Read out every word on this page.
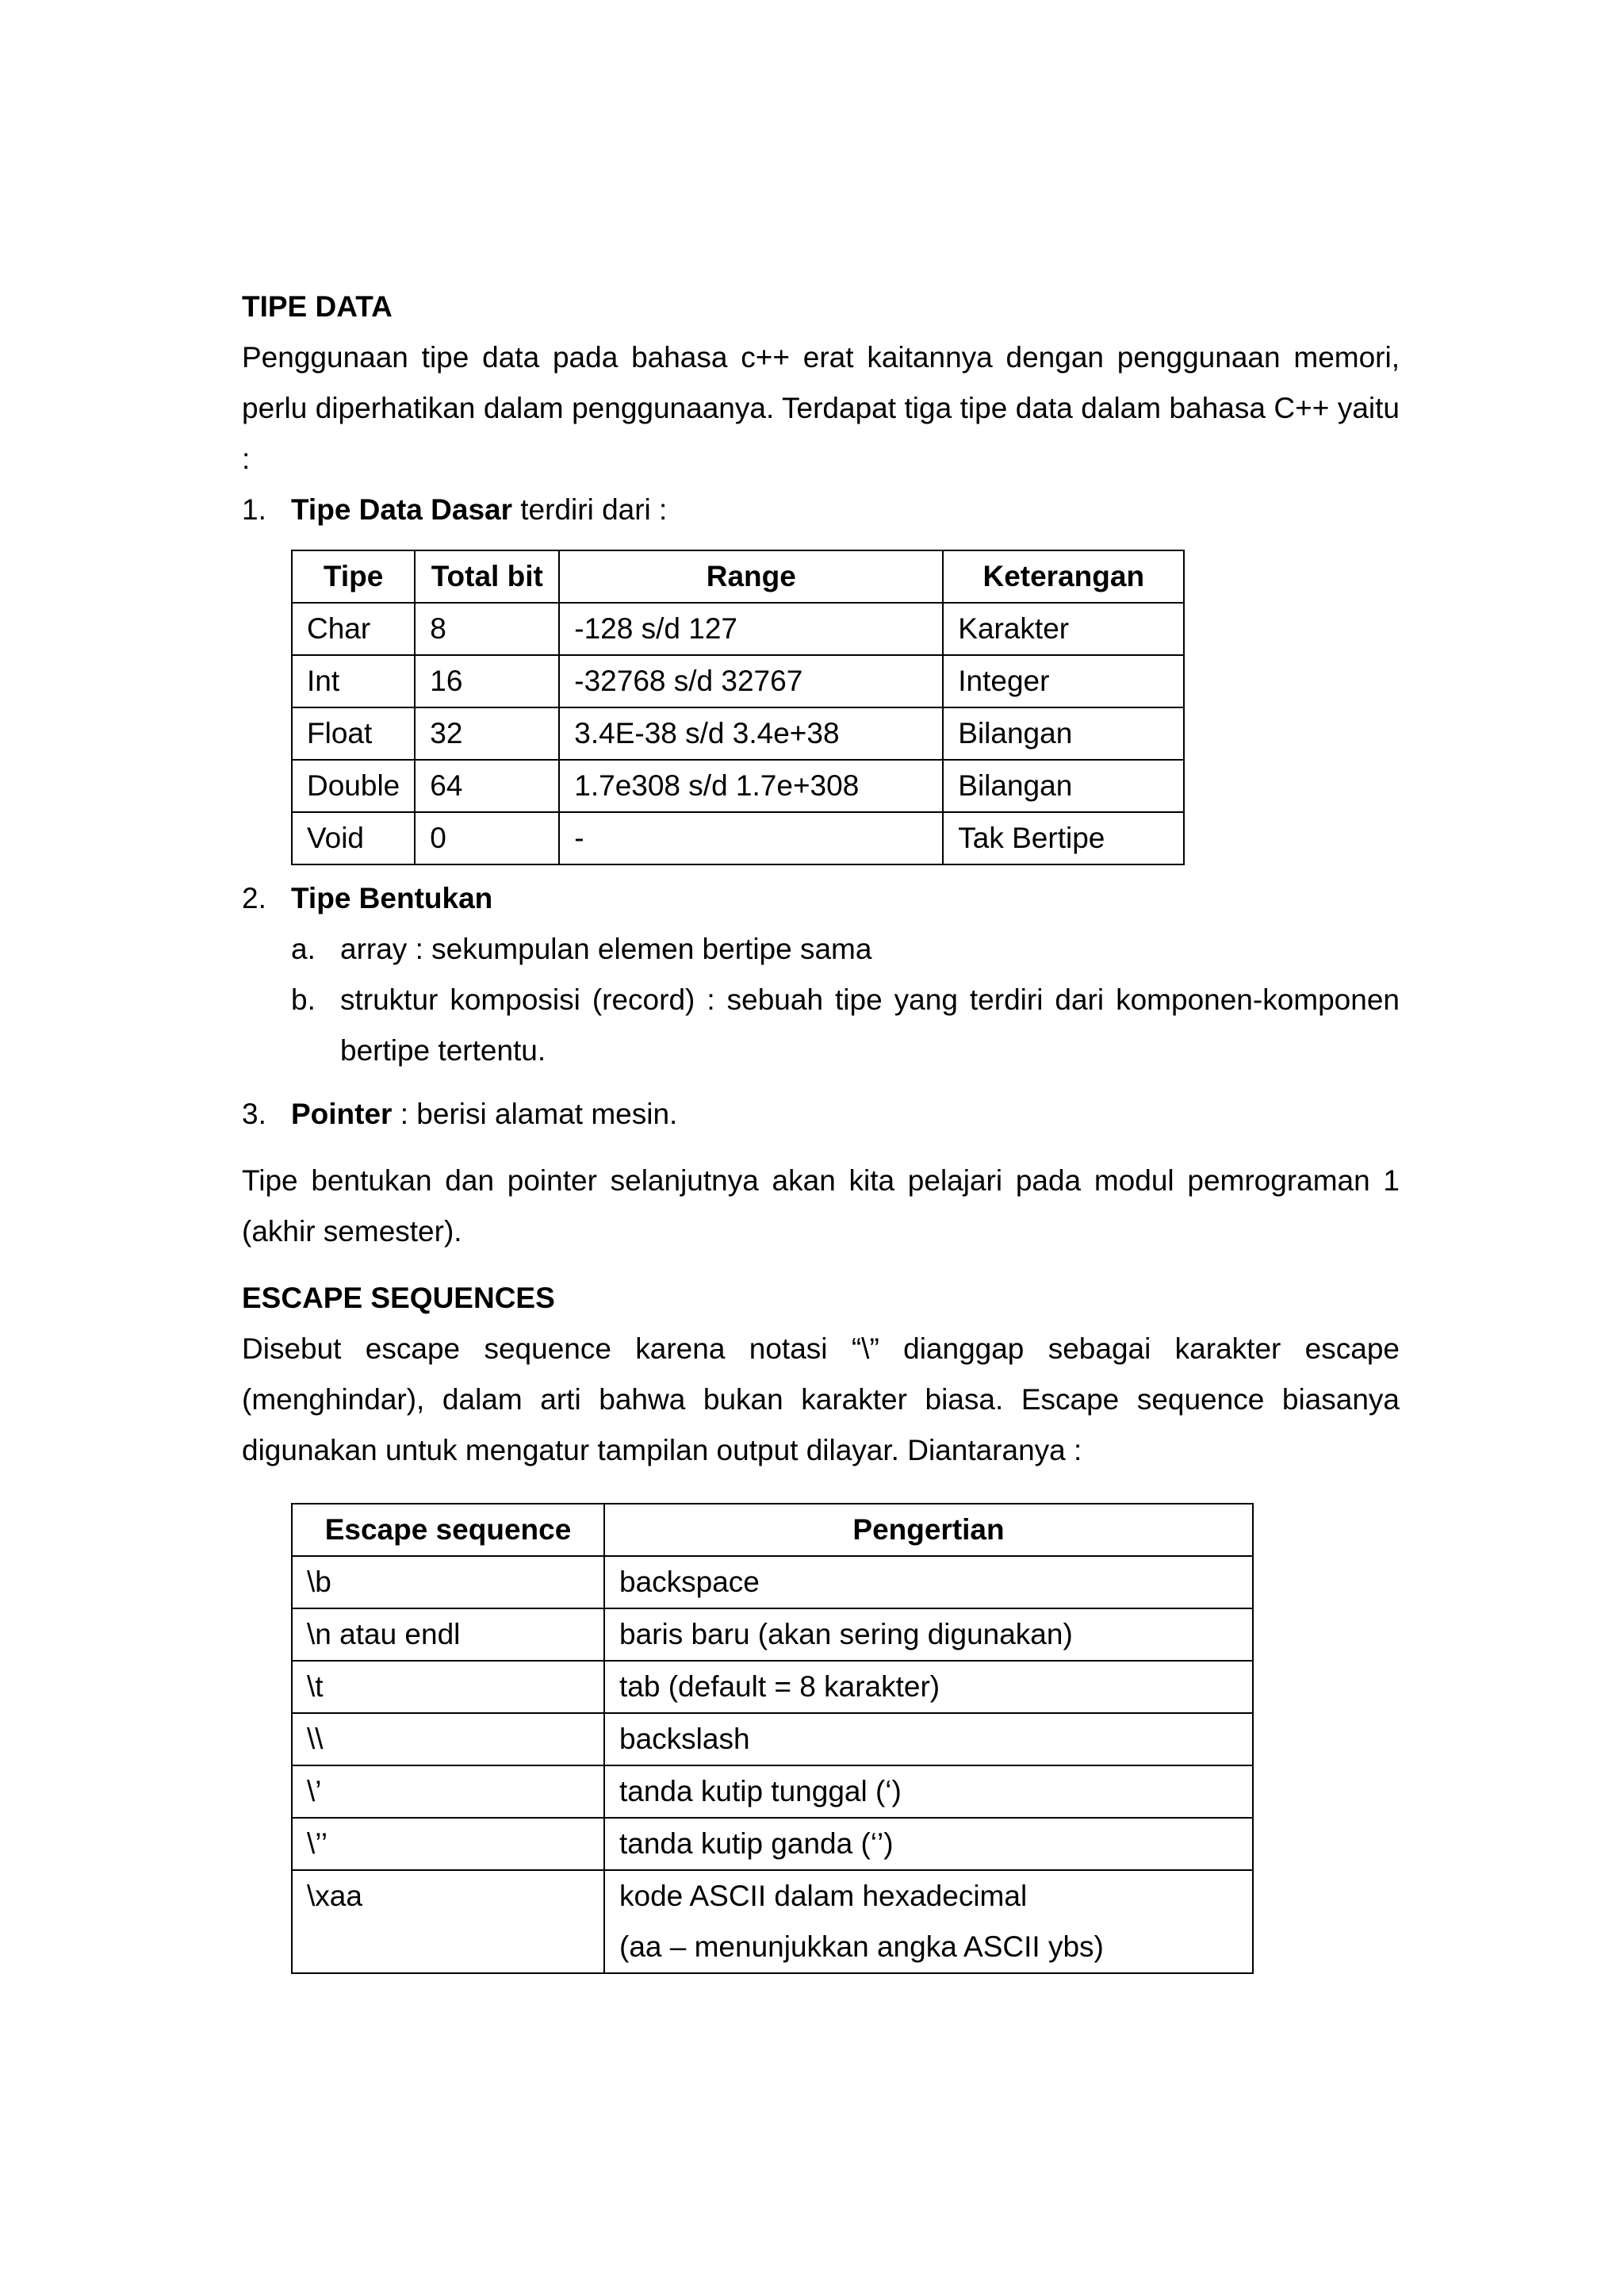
TIPE DATA

Penggunaan tipe data pada bahasa c++ erat kaitannya dengan penggunaan memori, perlu diperhatikan dalam penggunaanya. Terdapat tiga tipe data dalam bahasa C++ yaitu :

1. Tipe Data Dasar terdiri dari :
Tipe	Total bit	Range	Keterangan
Char	8	-128 s/d 127	Karakter
Int	16	-32768 s/d 32767	Integer
Float	32	3.4E-38 s/d 3.4e+38	Bilangan
Double	64	1.7e308 s/d 1.7e+308	Bilangan
Void	0	-	Tak Bertipe
2. Tipe Bentukan
a. array : sekumpulan elemen bertipe sama
b. struktur komposisi (record) : sebuah tipe yang terdiri dari komponen-komponen bertipe tertentu.
3. Pointer : berisi alamat mesin.

Tipe bentukan dan pointer selanjutnya akan kita pelajari pada modul pemrograman 1 (akhir semester).

ESCAPE SEQUENCES

Disebut escape sequence karena notasi “\” dianggap sebagai karakter escape (menghindar), dalam arti bahwa bukan karakter biasa. Escape sequence biasanya digunakan untuk mengatur tampilan output dilayar. Diantaranya :

Escape sequence	Pengertian
\b	backspace
\n atau endl	baris baru (akan sering digunakan)
\t	tab (default = 8 karakter)
\\	backslash
\’	tanda kutip tunggal (‘)
\’’	tanda kutip ganda (‘’)
\xaa	kode ASCII dalam hexadecimal
(aa – menunjukkan angka ASCII ybs)
